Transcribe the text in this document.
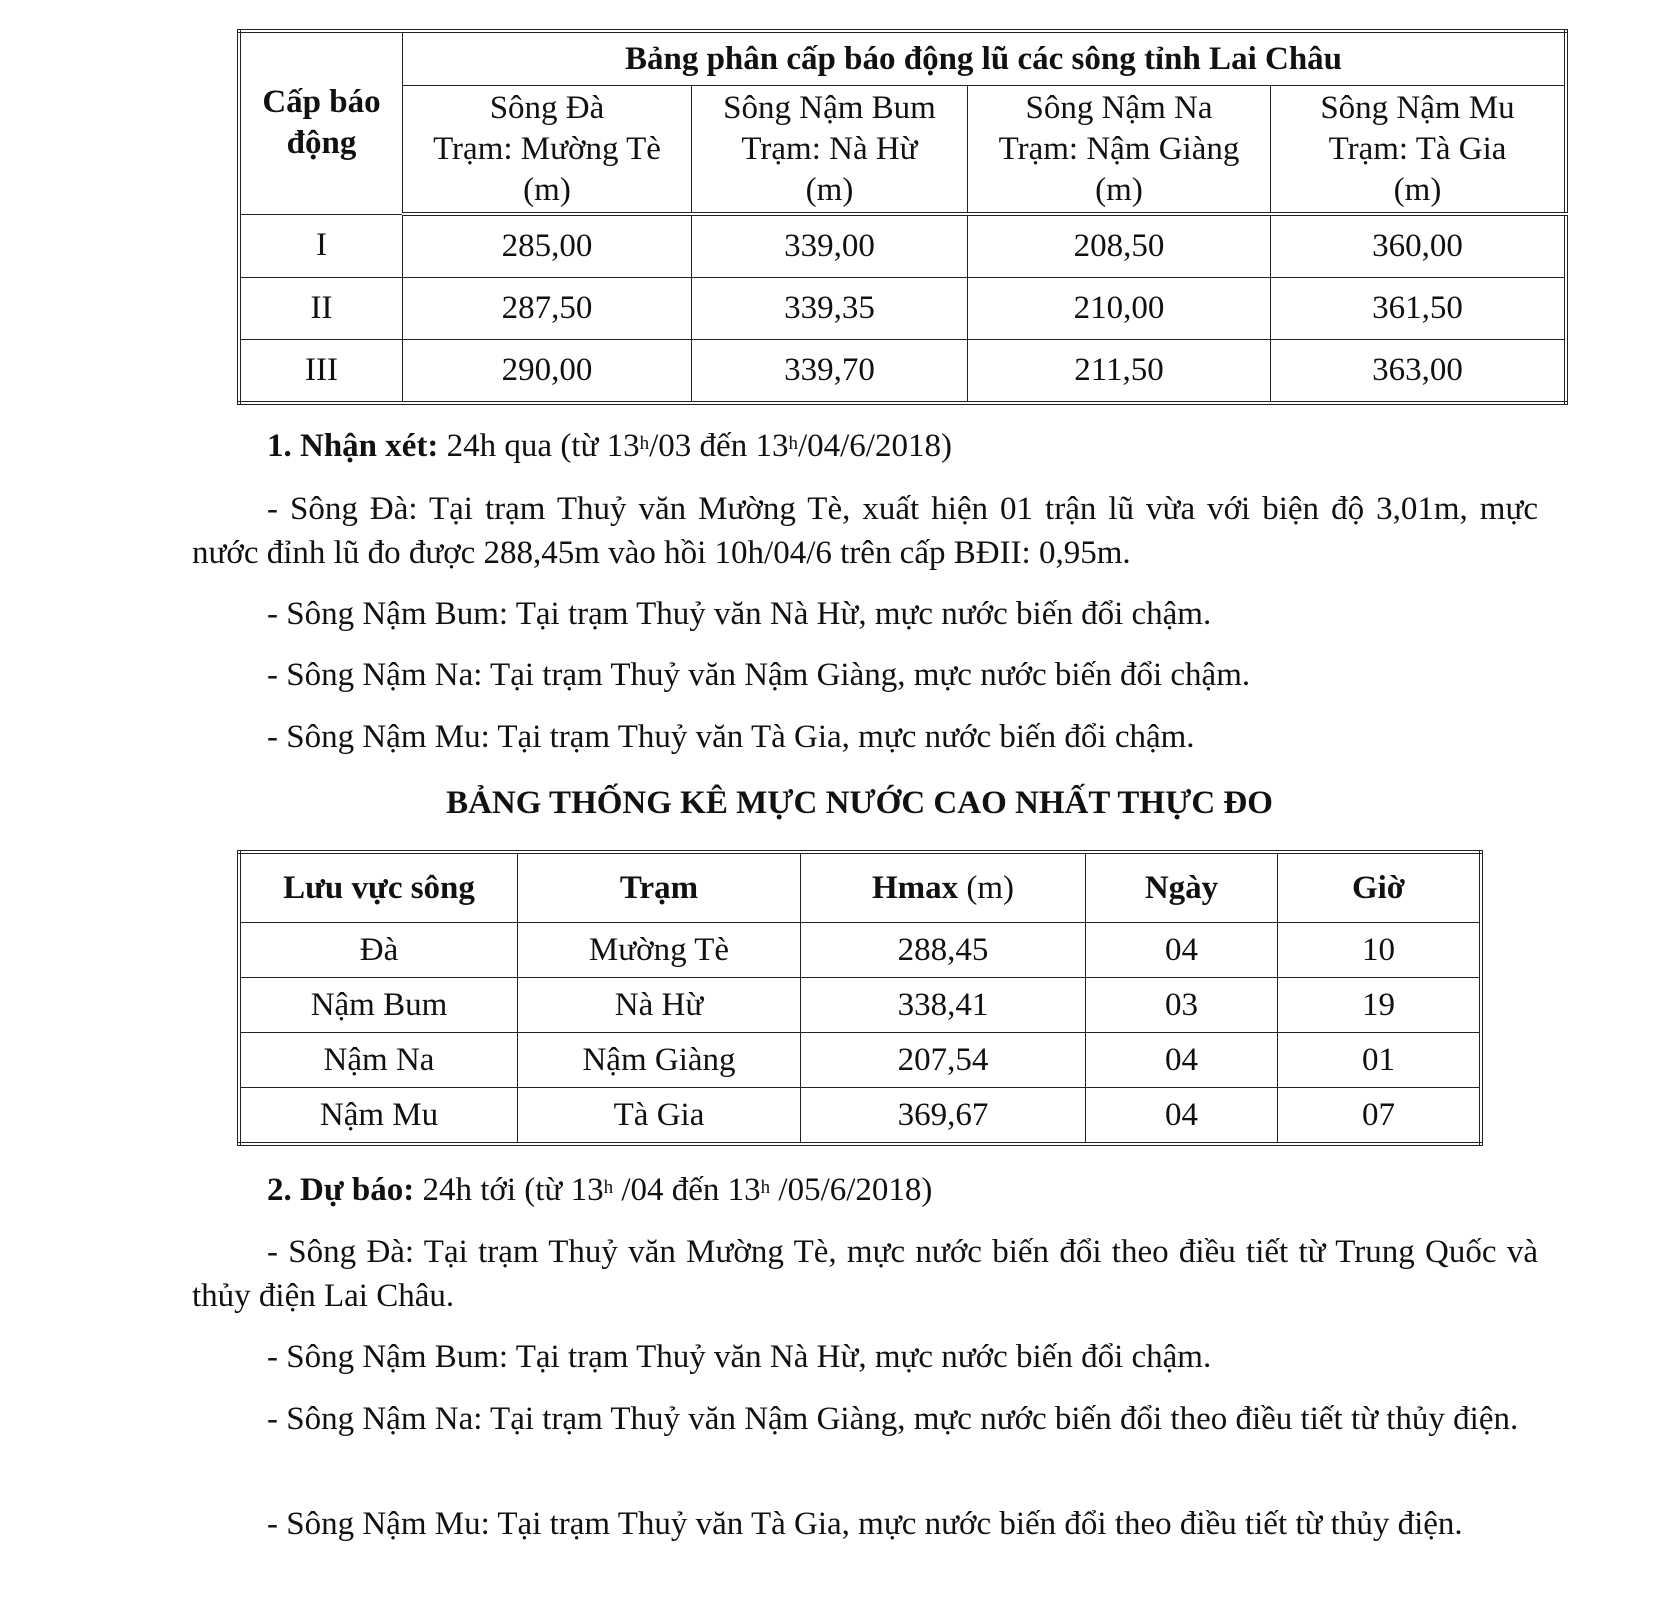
Cấp báo động	Bảng phân cấp báo động lũ các sông tỉnh Lai Châu			

	Sông Đà
Trạm: Mường Tè
(m)	Sông Nậm Bum
Trạm: Nà Hừ
(m)	Sông Nậm Na
Trạm: Nậm Giàng
(m)	Sông Nậm Mu
Trạm: Tà Gia
(m)

I	285,00	339,00	208,50	360,00
II	287,50	339,35	210,00	361,50
III	290,00	339,70	211,50	363,00

1. Nhận xét: 24h qua (từ 13$^h$/03 đến 13$^h$/04/6/2018)

- Sông Đà: Tại trạm Thuỷ văn Mường Tè, xuất hiện 01 trận lũ vừa với biện độ 3,01m, mực nước đỉnh lũ đo được 288,45m vào hồi 10h/04/6 trên cấp BĐII: 0,95m.

- Sông Nậm Bum: Tại trạm Thuỷ văn Nà Hừ, mực nước biến đổi chậm.

- Sông Nậm Na: Tại trạm Thuỷ văn Nậm Giàng, mực nước biến đổi chậm.

- Sông Nậm Mu: Tại trạm Thuỷ văn Tà Gia, mực nước biến đổi chậm.

BẢNG THỐNG KÊ MỰC NƯỚC CAO NHẤT THỰC ĐO

Lưu vực sông	Trạm	Hmax (m)	Ngày	Giờ
Đà	Mường Tè	288,45	04	10
Nậm Bum	Nà Hừ	338,41	03	19
Nậm Na	Nậm Giàng	207,54	04	01
Nậm Mu	Tà Gia	369,67	04	07

2. Dự báo: 24h tới (từ 13$^h$ /04 đến 13$^h$ /05/6/2018)

- Sông Đà: Tại trạm Thuỷ văn Mường Tè, mực nước biến đổi theo điều tiết từ Trung Quốc và thủy điện Lai Châu.

- Sông Nậm Bum: Tại trạm Thuỷ văn Nà Hừ, mực nước biến đổi chậm.

- Sông Nậm Na: Tại trạm Thuỷ văn Nậm Giàng, mực nước biến đổi theo điều tiết từ thủy điện.

- Sông Nậm Mu: Tại trạm Thuỷ văn Tà Gia, mực nước biến đổi theo điều tiết từ thủy điện.
